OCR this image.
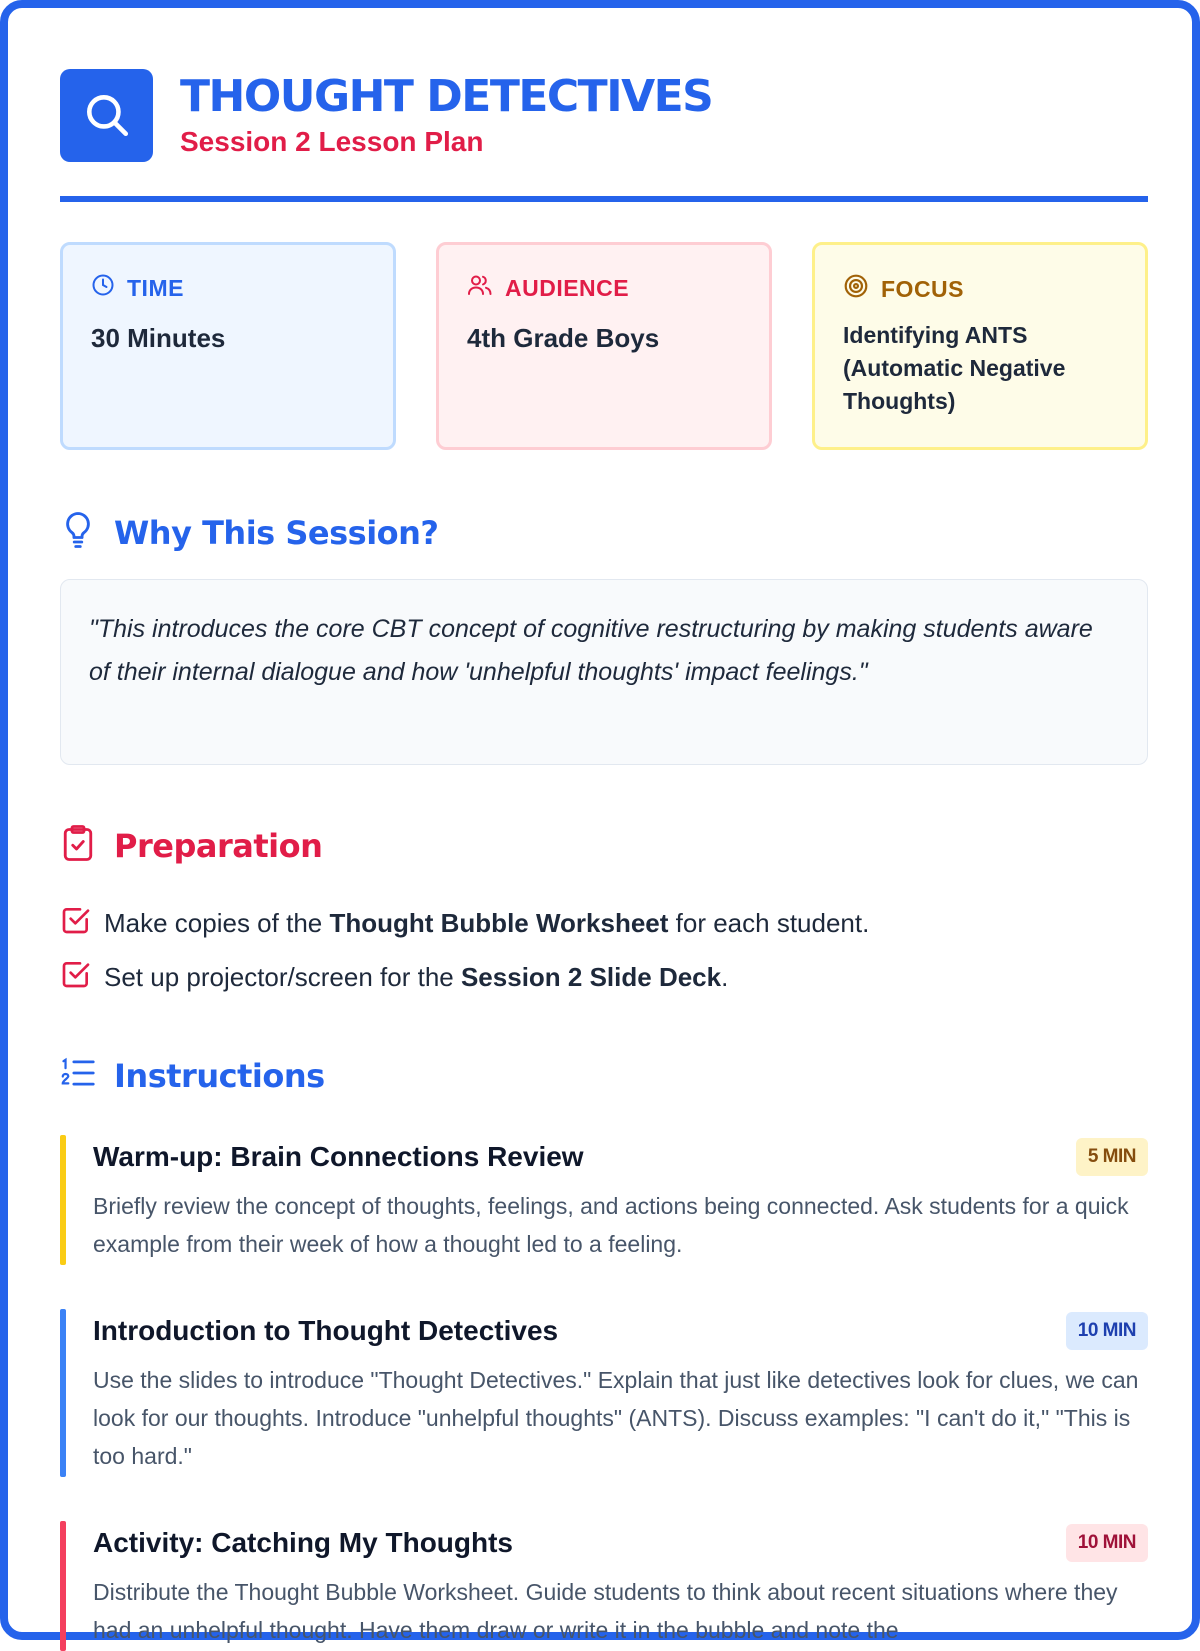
THOUGHT DETECTIVES
Session 2 Lesson Plan
TIME
30 Minutes
AUDIENCE
4th Grade Boys
FOCUS
Identifying ANTS (Automatic Negative Thoughts)
Why This Session?
"This introduces the core CBT concept of cognitive restructuring by making students aware of their internal dialogue and how 'unhelpful thoughts' impact feelings."
Preparation
Make copies of the Thought Bubble Worksheet for each student.
Set up projector/screen for the Session 2 Slide Deck.
Instructions
Warm-up: Brain Connections Review	5 MIN
Briefly review the concept of thoughts, feelings, and actions being connected. Ask students for a quick example from their week of how a thought led to a feeling.
Introduction to Thought Detectives	10 MIN
Use the slides to introduce "Thought Detectives." Explain that just like detectives look for clues, we can look for our thoughts. Introduce "unhelpful thoughts" (ANTS). Discuss examples: "I can't do it," "This is too hard."
Activity: Catching My Thoughts	10 MIN
Distribute the Thought Bubble Worksheet. Guide students to think about recent situations where they had an unhelpful thought. Have them draw or write it in the bubble and note the
